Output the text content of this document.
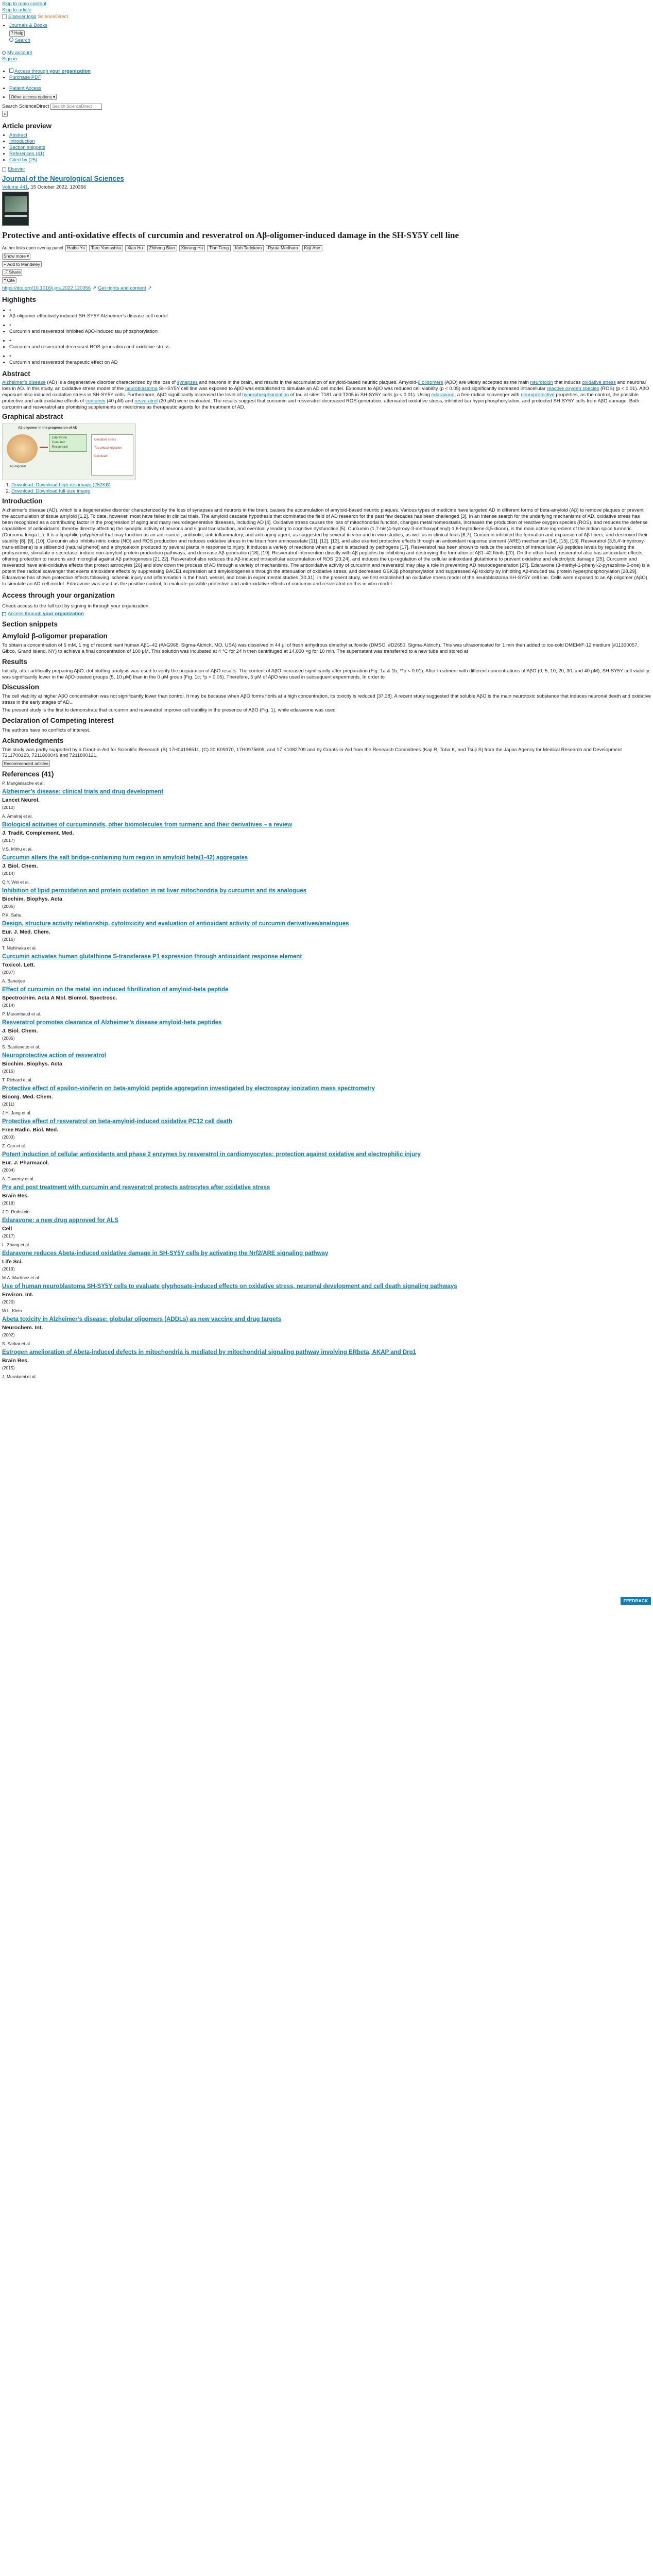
Skip to main content
Skip to article
Elsevier logo ScienceDirect
• Journals & Books
? Help
Search
My account
Sign in
• Access through your organization
• Purchase PDF
• Patient Access
• Other access options ▾
Search ScienceDirect
Search ScienceDirect
⌕
Article preview
• Abstract
• Introduction
• Section snippets
• References (41)
• Cited by (25)
Elsevier
Journal of the Neurological Sciences
Volume 441, 15 October 2022, 120356
Protective and anti-oxidative effects of curcumin and resveratrol on Aβ-oligomer-induced damage in the SH-SY5Y cell line
Author links open overlay panel Haibo Yu	Taro Yamashita	Xiao Hu	Zhihong Bian	Xinrang Hu	Tian Feng	Koh Tadokoro	Ryuta Morihara	Koji Abe
Show more ▾
+ Add to Mendeley
⤴ Share
❝ Cite
https://doi.org/10.1016/j.jns.2022.120356 ↗ Get rights and content ↗
Highlights
• •
• Aβ-oligomer effectively induced SH-SY5Y Alzheimer’s disease cell model
• •
• Curcumin and resveratrol inhibited AβO-induced tau phosphorylation
• •
• Curcumin and resveratrol decreased ROS generation and oxidative stress
• •
• Curcumin and resveratrol therapeutic effect on AD
Abstract

Alzheimer’s disease (AD) is a degenerative disorder characterized by the loss of synapses and neurons in the brain, and results in the accumulation of amyloid-based neuritic plaques. Amyloid-β oligomers (AβO) are widely accepted as the main neurotoxin that induces oxidative stress and neuronal loss in AD. In this study, an oxidative stress model of the neuroblastoma SH-SY5Y cell line was exposed to AβO was established to simulate an AD cell model. Exposure to AβO was reduced cell viability (p < 0.05) and significantly increased intracellular reactive oxygen species (ROS) (p < 0.01). AβO exposure also induced oxidative stress in SH-SY5Y cells. Furthermore, AβO significantly increased the level of hyperphosphorylation of tau at sites T181 and T205 in SH-SY5Y cells (p < 0.01). Using edaravone, a free radical scavenger with neuroprotective properties, as the control, the possible protective and anti-oxidative effects of curcumin (40 μM) and resveratrol (20 μM) were evaluated. The results suggest that curcumin and resveratrol decreased ROS generation, attenuated oxidative stress, inhibited tau hyperphosphorylation, and protected SH-SY5Y cells from AβO damage. Both curcumin and resveratrol are promising supplements or medicines as therapeutic agents for the treatment of AD.

Graphical abstract
Aβ oligomer in the progression of AD
Aβ oligomer
Edaravone
Curcumin
Resveratrol
Oxidative stress
Tau phosphorylation
Cell death
1. Download: Download high-res image (282KB)
2. Download: Download full-size image
Introduction

Alzheimer’s disease (AD), which is a degenerative disorder characterized by the loss of synapses and neurons in the brain, causes the accumulation of amyloid-based neuritic plaques. Various types of medicine have targeted AD in different forms of beta-amyloid (Aβ) to remove plaques or prevent the accumulation of tissue amyloid [1,2]. To date, however, most have failed in clinical trials. The amyloid cascade hypothesis that dominated the field of AD research for the past few decades has been challenged [3]. In an intense search for the underlying mechanisms of AD, oxidative stress has been recognized as a contributing factor in the progression of aging and many neurodegenerative diseases, including AD [4]. Oxidative stress causes the loss of mitochondrial function, changes metal homeostasis, increases the production of reactive oxygen species (ROS), and reduces the defense capabilities of antioxidants, thereby directly affecting the synaptic activity of neurons and signal transduction, and eventually leading to cognitive dysfunction [5]. Curcumin (1,7-bis(4-hydroxy-3-methoxyphenyl)-1,6-heptadiene-3,5-dione), is the main active ingredient of the Indian spice turmeric (Curcuma longa L.). It is a lipophilic polyphenol that may function as an anti-cancer, antibiotic, anti-inflammatory, and anti-aging agent, as suggested by several in vitro and in vivo studies, as well as in clinical trials [6,7]. Curcumin inhibited the formation and expansion of Aβ fibers, and destroyed their stability [8], [9], [10]. Curcumin also inhibits nitric oxide (NO) and ROS production and reduces oxidative stress in the brain from aminoacetate [11], [12], [13], and also exerted protective effects through an antioxidant response element (ARE) mechanism [14], [15], [16]. Resveratrol (3,5,4′-trihydroxy-trans-stilbene) is a stilbenoid (natural phenol) and a phytoalexin produced by several plants in response to injury. It induces a variety of reactions when a plant is attacked by pathogens [17]. Resveratrol has been shown to reduce the secretion of intracellular Aβ peptides levels by regulating the proteasome, stimulate α-secretase, induce non-amyloid protein production pathways, and decrease Aβ generation [18], [19]. Resveratrol intervention directly with Aβ peptides by inhibiting and destroying the formation of Aβ1–42 fibrils [20]. On the other hand, resveratrol also has antioxidant effects, offering protection to neurons and microglial against Aβ pathogenesis [21,22]. Resveratrol also reduces the Aβ-induced intracellular accumulation of ROS [23,24], and induces the up-regulation of the cellular antioxidant glutathione to prevent oxidative and electrolytic damage [25]. Curcumin and resveratrol have anti-oxidative effects that protect astrocytes [26] and slow down the process of AD through a variety of mechanisms. The antioxidative activity of curcumin and resveratrol may play a role in preventing AD neurodegeneration [27]. Edaravone (3-methyl-1-phenyl-2-pyrazoline-5-one) is a potent free radical scavenger that exerts antioxidant effects by suppressing BACE1 expression and amyloidogenesis through the attenuation of oxidative stress, and decreased GSK3β phosphorylation and suppressed Aβ toxicity by inhibiting Aβ-induced tau protein hyperphosphorylation [28,29]. Edaravone has shown protective effects following ischemic injury and inflammation in the heart, vessel, and brain in experimental studies [30,31]. In the present study, we first established an oxidative stress model of the neuroblastoma SH-SY5Y cell line. Cells were exposed to an Aβ oligomer (AβO) to simulate an AD cell model. Edaravone was used as the positive control, to evaluate possible protective and anti-oxidative effects of curcumin and resveratrol on this in vitro model.

Access through your organization

Check access to the full text by signing in through your organization.

Access through your organization
Section snippets
Amyloid β-oligomer preparation

To obtain a concentration of 5 mM, 1 mg of recombinant human Aβ1–42 (#AG968, Sigma-Aldrich, MO, USA) was dissolved in 44 μl of fresh anhydrous dimethyl sulfoxide (DMSO, #D2650, Sigma-Aldrich). This was ultrasonicated for 1 min then added to ice-cold DMEM/F-12 medium (#11330057, Gibco, Grand Island, NY) to achieve a final concentration of 100 μM. This solution was incubated at 4 °C for 24 h then centrifuged at 14,000 ×g for 10 min. The supernatant was transferred to a new tube and stored at

Results

Initially, after artificially preparing AβO, dot blotting analysis was used to verify the preparation of AβO results. The content of AβO increased significantly after preparation (Fig. 1a & 1b; **p < 0.01). After treatment with different concentrations of AβO (0, 5, 10, 20, 30, and 40 μM), SH-SY5Y cell viability was significantly lower in the AβO-treated groups (5, 10 μM) than in the 0 μM group (Fig. 1c; *p < 0.05). Therefore, 5 μM of AβO was used in subsequent experiments. In order to

Discussion

The cell viability at higher AβO concentration was not significantly lower than control. It may be because when AβO forms fibrils at a high concentration, its toxicity is reduced [37,38]. A recent study suggested that soluble AβO is the main neurotoxic substance that induces neuronal death and oxidative stress in the early stages of AD...

The present study is the first to demonstrate that curcumin and resveratrol improve cell viability in the presence of AβO (Fig. 1), while edaravone was used

Declaration of Competing Interest

The authors have no conflicts of interest.

Acknowledgments

This study was partly supported by a Grant-in-Aid for Scientific Research (B) 17H04196511, (C) 20 K09370, 17H0975609, and 17 K1082709 and by Grants-in-Aid from the Research Committees (Kaji R, Toba K, and Tsuji S) from the Japan Agency for Medical Research and Development 7211700123, 7211800049 and 7211800121.

Recommended articles
References (41)
P. Mangialasche et al.
Alzheimer’s disease: clinical trials and drug development
Lancet Neurol.
(2010)
A. Amalraj et al.
Biological activities of curcuminoids, other biomolecules from turmeric and their derivatives – a review
J. Tradit. Complement. Med.
(2017)
V.S. Mithu et al.
Curcumin alters the salt bridge-containing turn region in amyloid beta(1-42) aggregates
J. Biol. Chem.
(2014)
Q.Y. Wei et al.
Inhibition of lipid peroxidation and protein oxidation in rat liver mitochondria by curcumin and its analogues
Biochim. Biophys. Acta
(2006)
P.K. Sahu
Design, structure activity relationship, cytotoxicity and evaluation of antioxidant activity of curcumin derivatives/analogues
Eur. J. Med. Chem.
(2016)
T. Nishinaka et al.
Curcumin activates human glutathione S-transferase P1 expression through antioxidant response element
Toxicol. Lett.
(2007)
A. Banerjee
Effect of curcumin on the metal ion induced fibrillization of amyloid-beta peptide
Spectrochim. Acta A Mol. Biomol. Spectrosc.
(2014)
P. Marambaud et al.
Resveratrol promotes clearance of Alzheimer’s disease amyloid-beta peptides
J. Biol. Chem.
(2005)
S. Bastianetto et al.
Neuroprotective action of resveratrol
Biochim. Biophys. Acta
(2015)
T. Richard et al.
Protective effect of epsilon-viniferin on beta-amyloid peptide aggregation investigated by electrospray ionization mass spectrometry
Bioorg. Med. Chem.
(2011)
J.H. Jang et al.
Protective effect of resveratrol on beta-amyloid-induced oxidative PC12 cell death
Free Radic. Biol. Med.
(2003)
Z. Cao et al.
Potent induction of cellular antioxidants and phase 2 enzymes by resveratrol in cardiomyocytes: protection against oxidative and electrophilic injury
Eur. J. Pharmacol.
(2004)
A. Daverey et al.
Pre and post treatment with curcumin and resveratrol protects astrocytes after oxidative stress
Brain Res.
(2018)
J.D. Rothstein
Edaravone: a new drug approved for ALS
Cell
(2017)
L. Zhang et al.
Edaravone reduces Abeta-induced oxidative damage in SH-SY5Y cells by activating the Nrf2/ARE signaling pathway
Life Sci.
(2019)
M.A. Martínez et al.
Use of human neuroblastoma SH-SY5Y cells to evaluate glyphosate-induced effects on oxidative stress, neuronal development and cell death signaling pathways
Environ. Int.
(2020)
W.L. Klein
Abeta toxicity in Alzheimer’s disease: globular oligomers (ADDLs) as new vaccine and drug targets
Neurochem. Int.
(2002)
S. Sarkar et al.
Estrogen amelioration of Abeta-induced defects in mitochondria is mediated by mitochondrial signaling pathway involving ERbeta, AKAP and Drp1
Brain Res.
(2015)
J. Murakami et al.
FEEDBACK
